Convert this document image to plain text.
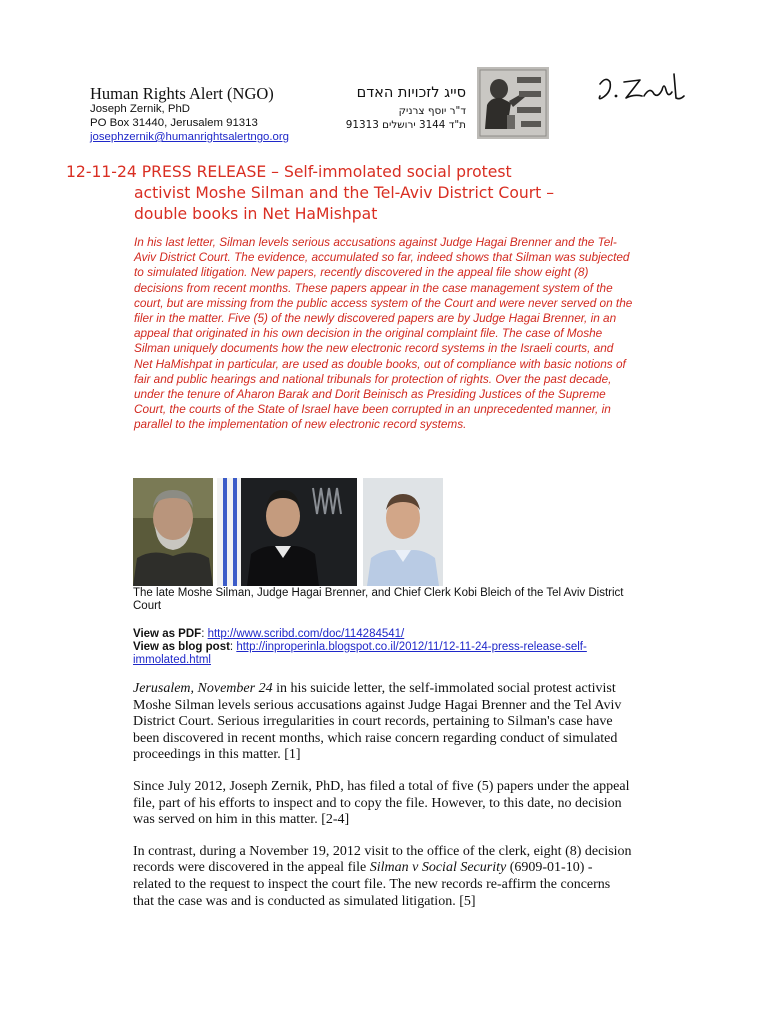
Human Rights Alert (NGO)
Joseph Zernik, PhD
PO Box 31440, Jerusalem 91313
josephzernik@humanrightsalertngo.org
סייג לזכויות האדם
ד"ר יוסף צרניק
ת"ד 3144 ירושלים 91313
12-11-24 PRESS RELEASE – Self-immolated social protest

activist Moshe Silman and the Tel-Aviv District Court –
double books in Net HaMishpat
In his last letter, Silman levels serious accusations against Judge Hagai Brenner and the Tel-Aviv District Court. The evidence, accumulated so far, indeed shows that Silman was subjected to simulated litigation. New papers, recently discovered in the appeal file show eight (8) decisions from recent months. These papers appear in the case management system of the court, but are missing from the public access system of the Court and were never served on the filer in the matter. Five (5) of the newly discovered papers are by Judge Hagai Brenner, in an appeal that originated in his own decision in the original complaint file. The case of Moshe Silman uniquely documents how the new electronic record systems in the Israeli courts, and Net HaMishpat in particular, are used as double books, out of compliance with basic notions of fair and public hearings and national tribunals for protection of rights. Over the past decade, under the tenure of Aharon Barak and Dorit Beinisch as Presiding Justices of the Supreme Court, the courts of the State of Israel have been corrupted in an unprecedented manner, in parallel to the implementation of new electronic record systems.
The late Moshe Silman, Judge Hagai Brenner, and Chief Clerk Kobi Bleich of the Tel Aviv District Court
View as PDF: http://www.scribd.com/doc/114284541/
View as blog post: http://inproperinla.blogspot.co.il/2012/11/12-11-24-press-release-self-immolated.html

Jerusalem, November 24 in his suicide letter, the self-immolated social protest activist Moshe Silman levels serious accusations against Judge Hagai Brenner and the Tel Aviv District Court. Serious irregularities in court records, pertaining to Silman's case have been discovered in recent months, which raise concern regarding conduct of simulated proceedings in this matter. [1]

Since July 2012, Joseph Zernik, PhD, has filed a total of five (5) papers under the appeal file, part of his efforts to inspect and to copy the file. However, to this date, no decision was served on him in this matter. [2-4]

In contrast, during a November 19, 2012 visit to the office of the clerk, eight (8) decision records were discovered in the appeal file Silman v Social Security (6909-01-10) - related to the request to inspect the court file. The new records re-affirm the concerns that the case was and is conducted as simulated litigation. [5]
